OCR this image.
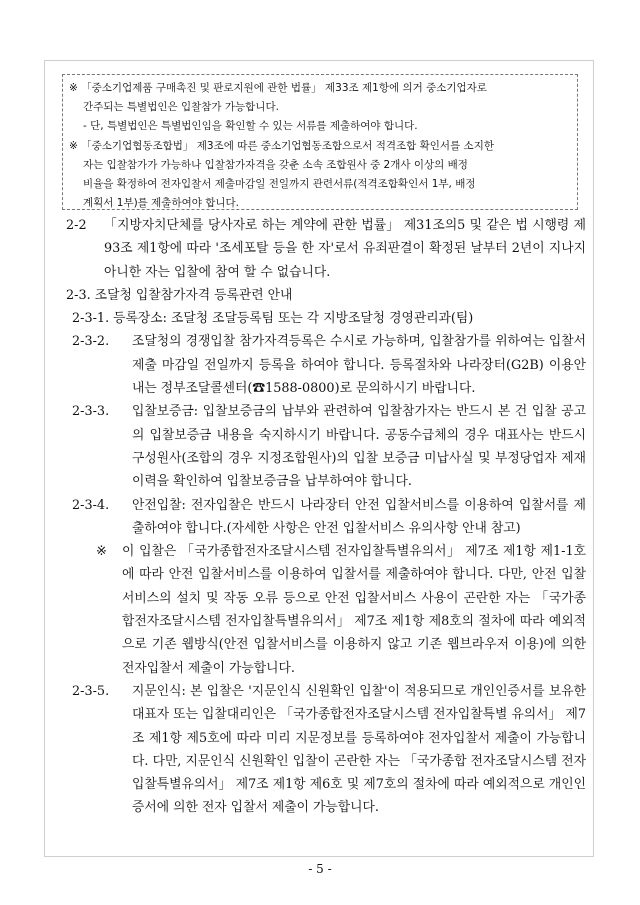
※ 「중소기업제품 구매촉진 및 판로지원에 관한 법률」 제33조 제1항에 의거 중소기업자로

간주되는 특별법인은 입찰참가 가능합니다.

- 단, 특별법인은 특별법인임을 확인할 수 있는 서류를 제출하여야 합니다.

※ 「중소기업협동조합법」 제3조에 따른 중소기업협동조합으로서 적격조합 확인서를 소지한

자는 입찰참가가 가능하나 입찰참가자격을 갖춘 소속 조합원사 중 2개사 이상의 배정

비율을 확정하여 전자입찰서 제출마감일 전일까지 관련서류(적격조합확인서 1부, 배정

계획서 1부)를 제출하여야 합니다.

2-2	「지방자치단체를 당사자로 하는 계약에 관한 법률」 제31조의5 및 같은 법 시행령 제93조 제1항에 따라 '조세포탈 등을 한 자'로서 유죄판결이 확정된 날부터 2년이 지나지 아니한 자는 입찰에 참여 할 수 없습니다.

2-3. 조달청 입찰참가자격 등록관련 안내

2-3-1. 등록장소: 조달청 조달등록팀 또는 각 지방조달청 경영관리과(팀)
2-3-2.	조달청의 경쟁입찰 참가자격등록은 수시로 가능하며, 입찰참가를 위하여는 입찰서 제출 마감일 전일까지 등록을 하여야 합니다. 등록절차와 나라장터(G2B) 이용안내는 정부조달콜센터(☎1588-0800)로 문의하시기 바랍니다.
2-3-3.	입찰보증금: 입찰보증금의 납부와 관련하여 입찰참가자는 반드시 본 건 입찰 공고의 입찰보증금 내용을 숙지하시기 바랍니다. 공동수급체의 경우 대표사는 반드시 구성원사(조합의 경우 지정조합원사)의 입찰 보증금 미납사실 및 부정당업자 제재이력을 확인하여 입찰보증금을 납부하여야 합니다.
2-3-4.	안전입찰: 전자입찰은 반드시 나라장터 안전 입찰서비스를 이용하여 입찰서를 제출하여야 합니다.(자세한 사항은 안전 입찰서비스 유의사항 안내 참고)
※	이 입찰은 「국가종합전자조달시스템 전자입찰특별유의서」 제7조 제1항 제1-1호에 따라 안전 입찰서비스를 이용하여 입찰서를 제출하여야 합니다. 다만, 안전 입찰서비스의 설치 및 작동 오류 등으로 안전 입찰서비스 사용이 곤란한 자는 「국가종합전자조달시스템 전자입찰특별유의서」 제7조 제1항 제8호의 절차에 따라 예외적으로 기존 웹방식(안전 입찰서비스를 이용하지 않고 기존 웹브라우저 이용)에 의한 전자입찰서 제출이 가능합니다.
2-3-5.	지문인식: 본 입찰은 '지문인식 신원확인 입찰'이 적용되므로 개인인증서를 보유한 대표자 또는 입찰대리인은 「국가종합전자조달시스템 전자입찰특별 유의서」 제7조 제1항 제5호에 따라 미리 지문정보를 등록하여야 전자입찰서 제출이 가능합니다. 다만, 지문인식 신원확인 입찰이 곤란한 자는 「국가종합 전자조달시스템 전자입찰특별유의서」 제7조 제1항 제6호 및 제7호의 절차에 따라 예외적으로 개인인증서에 의한 전자 입찰서 제출이 가능합니다.
- 5 -
